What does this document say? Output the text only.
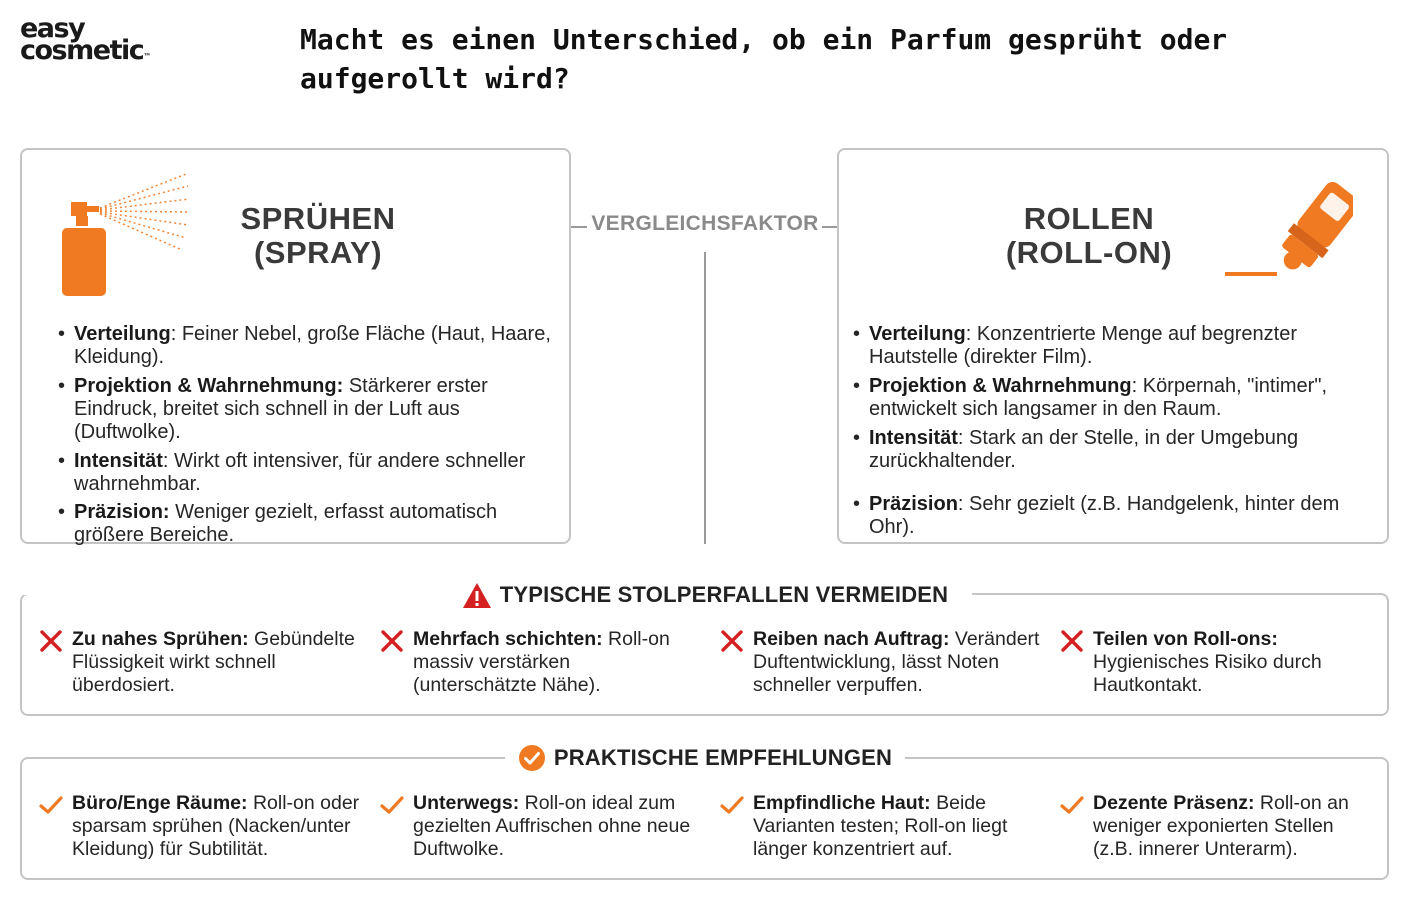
easy
cosmetic™
Macht es einen Unterschied, ob ein Parfum gesprüht oder aufgerollt wird?
SPRÜHEN
(SPRAY)
• Verteilung: Feiner Nebel, große Fläche (Haut, Haare, Kleidung).
• Projektion & Wahrnehmung: Stärkerer erster Eindruck, breitet sich schnell in der Luft aus (Duftwolke).
• Intensität: Wirkt oft intensiver, für andere schneller wahrnehmbar.
• Präzision: Weniger gezielt, erfasst automatisch größere Bereiche.
VERGLEICHSFAKTOR	ROLLEN
(ROLL-ON)
• Verteilung: Konzentrierte Menge auf begrenzter Hautstelle (direkter Film).
• Projektion & Wahrnehmung: Körpernah, "intimer", entwickelt sich langsamer in den Raum.
• Intensität: Stark an der Stelle, in der Umgebung zurückhaltender.
• Präzision: Sehr gezielt (z.B. Handgelenk, hinter dem Ohr).
TYPISCHE STOLPERFALLEN VERMEIDEN
Zu nahes Sprühen: Gebündelte Flüssigkeit wirkt schnell überdosiert.
Mehrfach schichten: Roll-on massiv verstärken (unterschätzte Nähe).
Reiben nach Auftrag: Verändert Duftentwicklung, lässt Noten schneller verpuffen.
Teilen von Roll-ons: Hygienisches Risiko durch Hautkontakt.
PRAKTISCHE EMPFEHLUNGEN
Büro/Enge Räume: Roll-on oder sparsam sprühen (Nacken/unter Kleidung) für Subtilität.
Unterwegs: Roll-on ideal zum gezielten Auffrischen ohne neue Duftwolke.
Empfindliche Haut: Beide Varianten testen; Roll-on liegt länger konzentriert auf.
Dezente Präsenz: Roll-on an weniger exponierten Stellen (z.B. innerer Unterarm).
